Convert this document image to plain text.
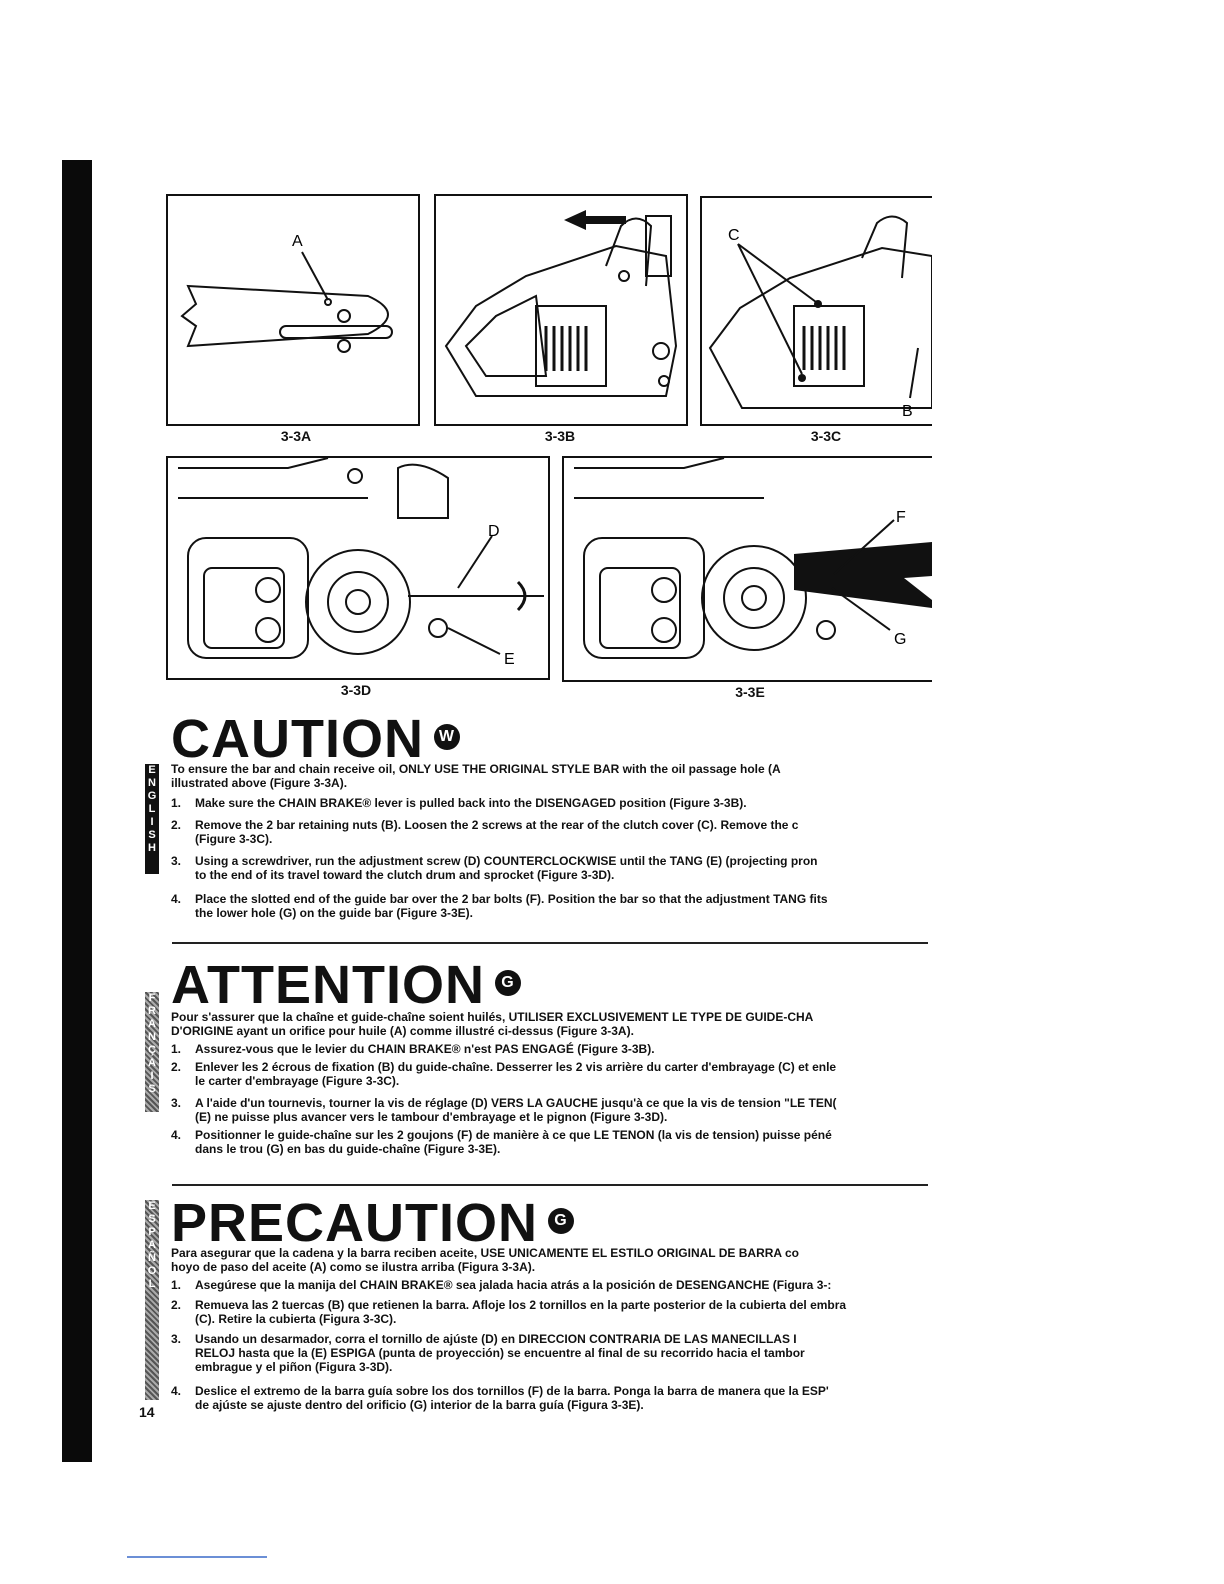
A
3-3A	3-3B
C
B
3-3C
D
E
3-3D
F
G
3-3E
E N G L I S H
CAUTION W
To ensure the bar and chain receive oil, ONLY USE THE ORIGINAL STYLE BAR with the oil passage hole (A
illustrated above (Figure 3-3A).
1.	Make sure the CHAIN BRAKE® lever is pulled back into the DISENGAGED position (Figure 3-3B).
2.	Remove the 2 bar retaining nuts (B). Loosen the 2 screws at the rear of the clutch cover (C). Remove the c
(Figure 3-3C).
3.	Using a screwdriver, run the adjustment screw (D) COUNTERCLOCKWISE until the TANG (E) (projecting pron
to the end of its travel toward the clutch drum and sprocket (Figure 3-3D).
4.	Place the slotted end of the guide bar over the 2 bar bolts (F). Position the bar so that the adjustment TANG fits
the lower hole (G) on the guide bar (Figure 3-3E).
F R A N Ç A I S
ATTENTION G
Pour s'assurer que la chaîne et guide-chaîne soient huilés, UTILISER EXCLUSIVEMENT LE TYPE DE GUIDE-CHA
D'ORIGINE ayant un orifice pour huile (A) comme illustré ci-dessus (Figure 3-3A).
1.	Assurez-vous que le levier du CHAIN BRAKE® n'est PAS ENGAGÉ (Figure 3-3B).
2.	Enlever les 2 écrous de fixation (B) du guide-chaîne. Desserrer les 2 vis arrière du carter d'embrayage (C) et enle
le carter d'embrayage (Figure 3-3C).
3.	A l'aide d'un tournevis, tourner la vis de réglage (D) VERS LA GAUCHE jusqu'à ce que la vis de tension "LE TEN(
(E) ne puisse plus avancer vers le tambour d'embrayage et le pignon (Figure 3-3D).
4.	Positionner le guide-chaîne sur les 2 goujons (F) de manière à ce que LE TENON (la vis de tension) puisse péné
dans le trou (G) en bas du guide-chaîne (Figure 3-3E).
E S P A Ñ O L
PRECAUTION G
Para asegurar que la cadena y la barra reciben aceite, USE UNICAMENTE EL ESTILO ORIGINAL DE BARRA co
hoyo de paso del aceite (A) como se ilustra arriba (Figura 3-3A).
1.	Asegúrese que la manija del CHAIN BRAKE® sea jalada hacia atrás a la posición de DESENGANCHE (Figura 3-:
2.	Remueva las 2 tuercas (B) que retienen la barra. Afloje los 2 tornillos en la parte posterior de la cubierta del embra
(C). Retire la cubierta (Figura 3-3C).
3.	Usando un desarmador, corra el tornillo de ajúste (D) en DIRECCION CONTRARIA DE LAS MANECILLAS I
RELOJ hasta que la (E) ESPIGA (punta de proyección) se encuentre al final de su recorrido hacia el tambor
embrague y el piñon (Figura 3-3D).
4.	Deslice el extremo de la barra guía sobre los dos tornillos (F) de la barra. Ponga la barra de manera que la ESP'
de ajúste se ajuste dentro del orificio (G) interior de la barra guía (Figura 3-3E).
14
